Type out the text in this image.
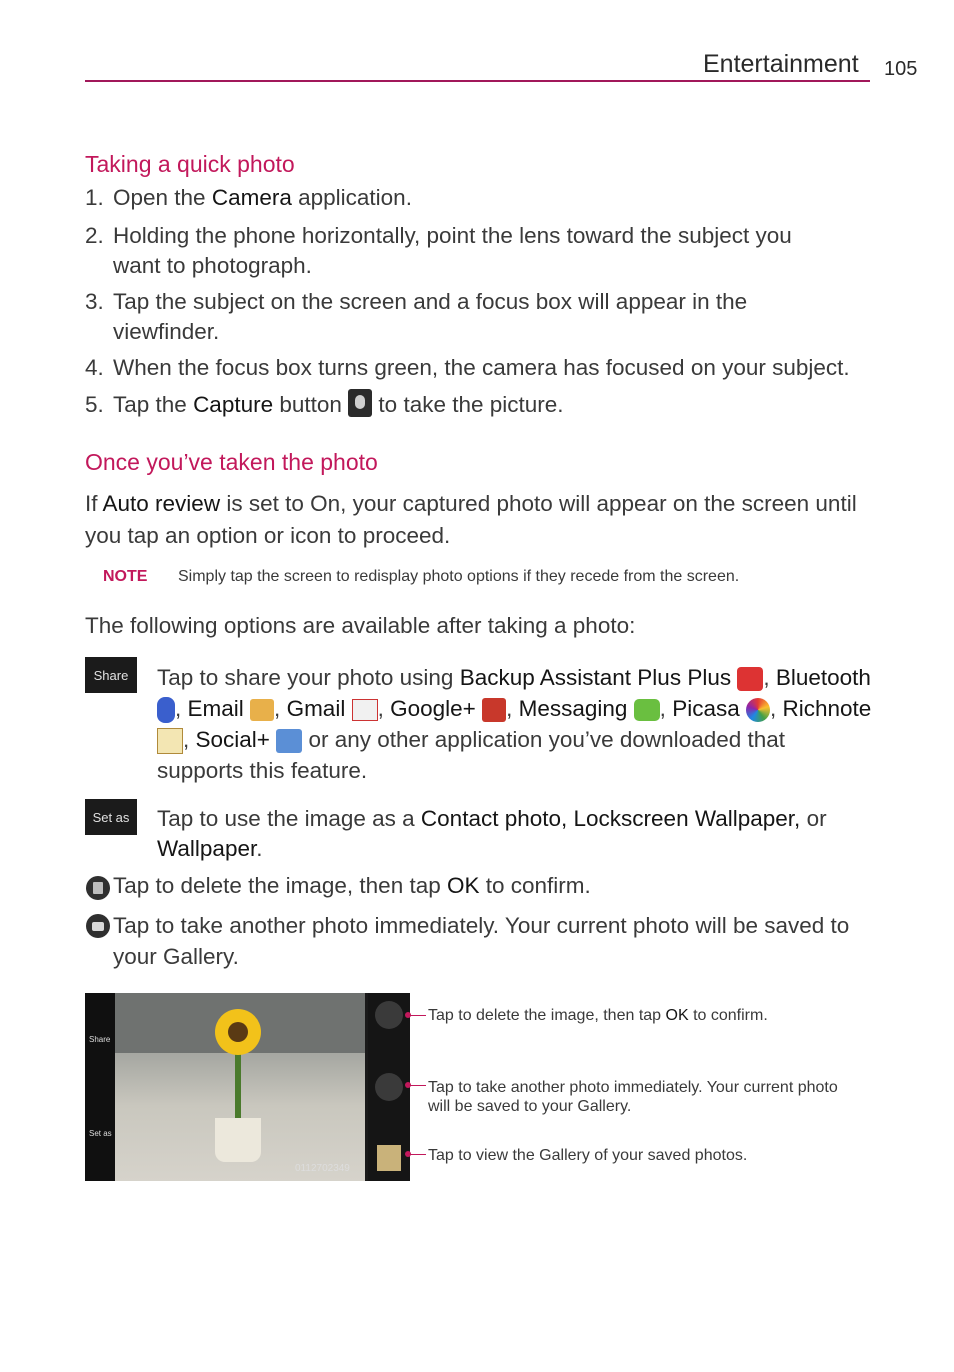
Entertainment 105
Taking a quick photo
1. Open the Camera application.
2. Holding the phone horizontally, point the lens toward the subject you want to photograph.
3. Tap the subject on the screen and a focus box will appear in the viewfinder.
4. When the focus box turns green, the camera has focused on your subject.
5. Tap the Capture button
to take the picture.
Once you’ve taken the photo
If Auto review is set to On, your captured photo will appear on the screen until you tap an option or icon to proceed.
NOTE Simply tap the screen to redisplay photo options if they recede from the screen.
The following options are available after taking a photo:
Share	Tap to share your photo using Backup Assistant Plus Plus , Bluetooth , Email , Gmail , Google+ , Messaging , Picasa , Richnote , Social+  or any other application you’ve downloaded that supports this feature.
Set as	Tap to use the image as a Contact photo, Lockscreen Wallpaper, or Wallpaper.
Tap to delete the image, then tap OK to confirm.
Tap to take another photo immediately. Your current photo will be saved to your Gallery.
Share
Set as
0112702349
Tap to delete the image, then tap OK to confirm.
Tap to take another photo immediately. Your current photo will be saved to your Gallery.
Tap to view the Gallery of your saved photos.
